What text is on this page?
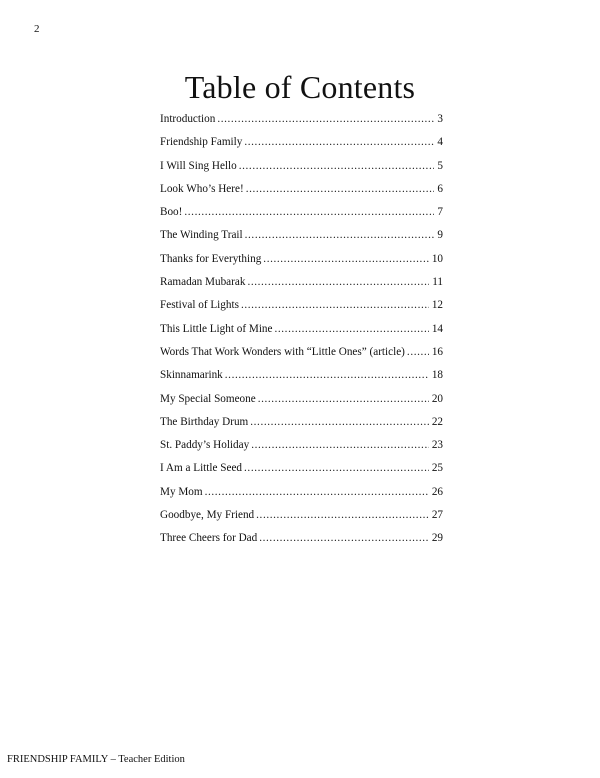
2
Table of Contents
Introduction .....	3
Friendship Family .....	4
I Will Sing Hello .....	5
Look Who’s Here! .....	6
Boo! .....	7
The Winding Trail .....	9
Thanks for Everything .....	10
Ramadan Mubarak .....	11
Festival of Lights .....	12
This Little Light of Mine .....	14
Words That Work Wonders with “Little Ones” (article) ..... 16
Skinnamarink .....	18
My Special Someone .....	20
The Birthday Drum .....	22
St. Paddy’s Holiday .....	23
I Am a Little Seed .....	25
My Mom .....	26
Goodbye, My Friend .....	27
Three Cheers for Dad .....	29
FRIENDSHIP FAMILY – Teacher Edition
